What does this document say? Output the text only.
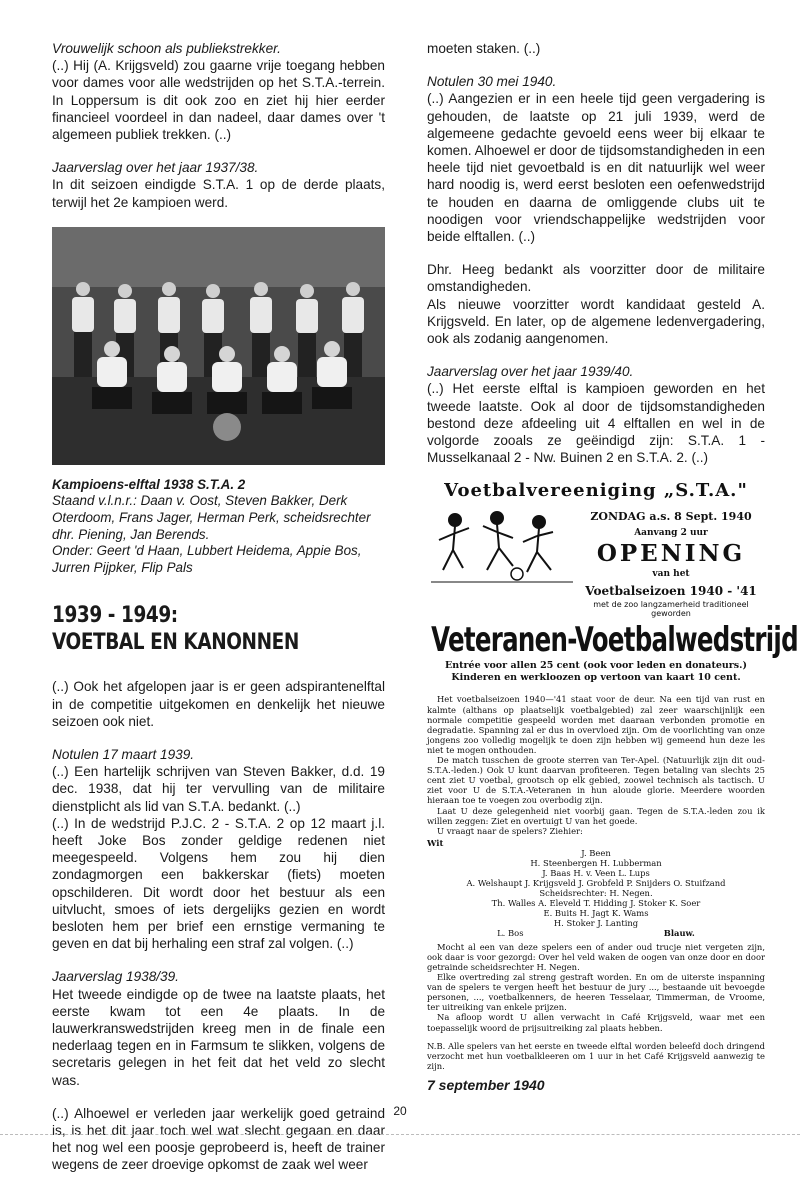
Vrouwelijk schoon als publiekstrekker.
(..) Hij (A. Krijgsveld) zou gaarne vrije toegang hebben voor dames voor alle wedstrijden op het S.T.A.-terrein. In Loppersum is dit ook zoo en ziet hij hier eerder financieel voordeel in dan nadeel, daar dames over 't algemeen publiek trekken. (..)

Jaarverslag over het jaar 1937/38.
In dit seizoen eindigde S.T.A. 1 op de derde plaats, terwijl het 2e kampioen werd.

Kampioens-elftal 1938 S.T.A. 2
Staand v.l.n.r.: Daan v. Oost, Steven Bakker, Derk Oterdoom, Frans Jager, Herman Perk, scheidsrechter dhr. Piening, Jan Berends.
Onder: Geert 'd Haan, Lubbert Heidema, Appie Bos, Jurren Pijpker, Flip Pals
1939 - 1949:
VOETBAL EN KANONNEN

(..) Ook het afgelopen jaar is er geen adspirantenelftal in de competitie uitgekomen en denkelijk het nieuwe seizoen ook niet.

Notulen 17 maart 1939.
(..) Een hartelijk schrijven van Steven Bakker, d.d. 19 dec. 1938, dat hij ter vervulling van de militaire dienstplicht als lid van S.T.A. bedankt. (..)
(..) In de wedstrijd P.J.C. 2 - S.T.A. 2 op 12 maart j.l. heeft Joke Bos zonder geldige redenen niet meegespeeld. Volgens hem zou hij dien zondagmorgen een bakkerskar (fiets) moeten opschilderen. Dit wordt door het bestuur als een uitvlucht, smoes of iets dergelijks gezien en wordt besloten hem per brief een ernstige vermaning te geven en dat bij herhaling een straf zal volgen. (..)

Jaarverslag 1938/39.
Het tweede eindigde op de twee na laatste plaats, het eerste kwam tot een 4e plaats. In de lauwerkranswedstrijden kreeg men in de finale een nederlaag tegen en in Farmsum te slikken, volgens de secretaris gelegen in het feit dat het veld zo slecht was.

(..) Alhoewel er verleden jaar werkelijk goed getraind is, is het dit jaar toch wel wat slecht gegaan en daar het nog wel een poosje geprobeerd is, heeft de trainer wegens de zeer droevige opkomst de zaak wel weer

moeten staken. (..)

Notulen 30 mei 1940.
(..) Aangezien er in een heele tijd geen vergadering is gehouden, de laatste op 21 juli 1939, werd de algemeene gedachte gevoeld eens weer bij elkaar te komen. Alhoewel er door de tijdsomstandigheden in een heele tijd niet gevoetbald is en dit natuurlijk wel weer hard noodig is, werd eerst besloten een oefenwedstrijd te houden en daarna de omliggende clubs uit te noodigen voor vriendschappelijke wedstrijden voor beide elftallen. (..)

Dhr. Heeg bedankt als voorzitter door de militaire omstandigheden.
Als nieuwe voorzitter wordt kandidaat gesteld A. Krijgsveld. En later, op de algemene ledenvergadering, ook als zodanig aangenomen.

Jaarverslag over het jaar 1939/40.
(..) Het eerste elftal is kampioen geworden en het tweede laatste. Ook al door de tijdsomstandigheden bestond deze afdeeling uit 4 elftallen en wel in de volgorde zooals ze geëindigd zijn: S.T.A. 1 - Musselkanaal 2 - Nw. Buinen 2 en S.T.A. 2. (..)

Voetbalvereeniging „S.T.A."
ZONDAG a.s. 8 Sept. 1940
Aanvang 2 uur
OPENING
van het
Voetbalseizoen 1940 - '41
met de zoo langzamerheid traditioneel geworden
Veteranen-Voetbalwedstrijd
Entrée voor allen 25 cent (ook voor leden en donateurs.)
Kinderen en werkloozen op vertoon van kaart 10 cent.

Het voetbalseizoen 1940—'41 staat voor de deur. Na een tijd van rust en kalmte (althans op plaatselijk voetbalgebied) zal zeer waarschijnlijk een normale competitie gespeeld worden met daaraan verbonden promotie en degradatie. Spanning zal er dus in overvloed zijn. Om de voorlichting van onze jongens zoo volledig mogelijk te doen zijn hebben wij gemeend hun deze les niet te mogen onthouden.

De match tusschen de groote sterren van Ter-Apel. (Natuurlijk zijn dit oud-S.T.A.-leden.) Ook U kunt daarvan profiteeren. Tegen betaling van slechts 25 cent ziet U voetbal, grootsch op elk gebied, zoowel technisch als tactisch. U ziet voor U de S.T.A.-Veteranen in hun aloude glorie. Meerdere woorden hieraan toe te voegen zou overbodig zijn.

Laat U deze gelegenheid niet voorbij gaan. Tegen de S.T.A.-leden zou ik willen zeggen: Ziet en overtuigt U van het goede.

U vraagt naar de spelers? Ziehier:

Wit
J. Been
H. Steenbergen H. Lubberman
J. Baas H. v. Veen L. Lups
A. Welshaupt J. Krijgsveld J. Grobfeld P. Snijders O. Stuifzand
Scheidsrechter: H. Negen.
Th. Walles A. Eleveld T. Hidding J. Stoker K. Soer
E. Buits H. Jagt K. Wams
H. Stoker J. Lanting
L. Bos	Blauw.

Mocht al een van deze spelers een of ander oud trucje niet vergeten zijn, ook daar is voor gezorgd: Over hel veld waken de oogen van onze door en door getrainde scheidsrechter H. Negen.

Elke overtreding zal streng gestraft worden. En om de uiterste inspanning van de spelers te vergen heeft het bestuur de jury ..., bestaande uit bevoegde personen, ..., voetbalkenners, de heeren Tesselaar, Timmerman, de Vroome, ter uitreiking van enkele prijzen.

Na afloop wordt U allen verwacht in Café Krijgsveld, waar met een toepasselijk woord de prijsuitreiking zal plaats hebben.

N.B. Alle spelers van het eerste en tweede elftal worden beleefd doch dringend verzocht met hun voetbalkleeren om 1 uur in het Café Krijgsveld aanwezig te zijn.
7 september 1940
20
